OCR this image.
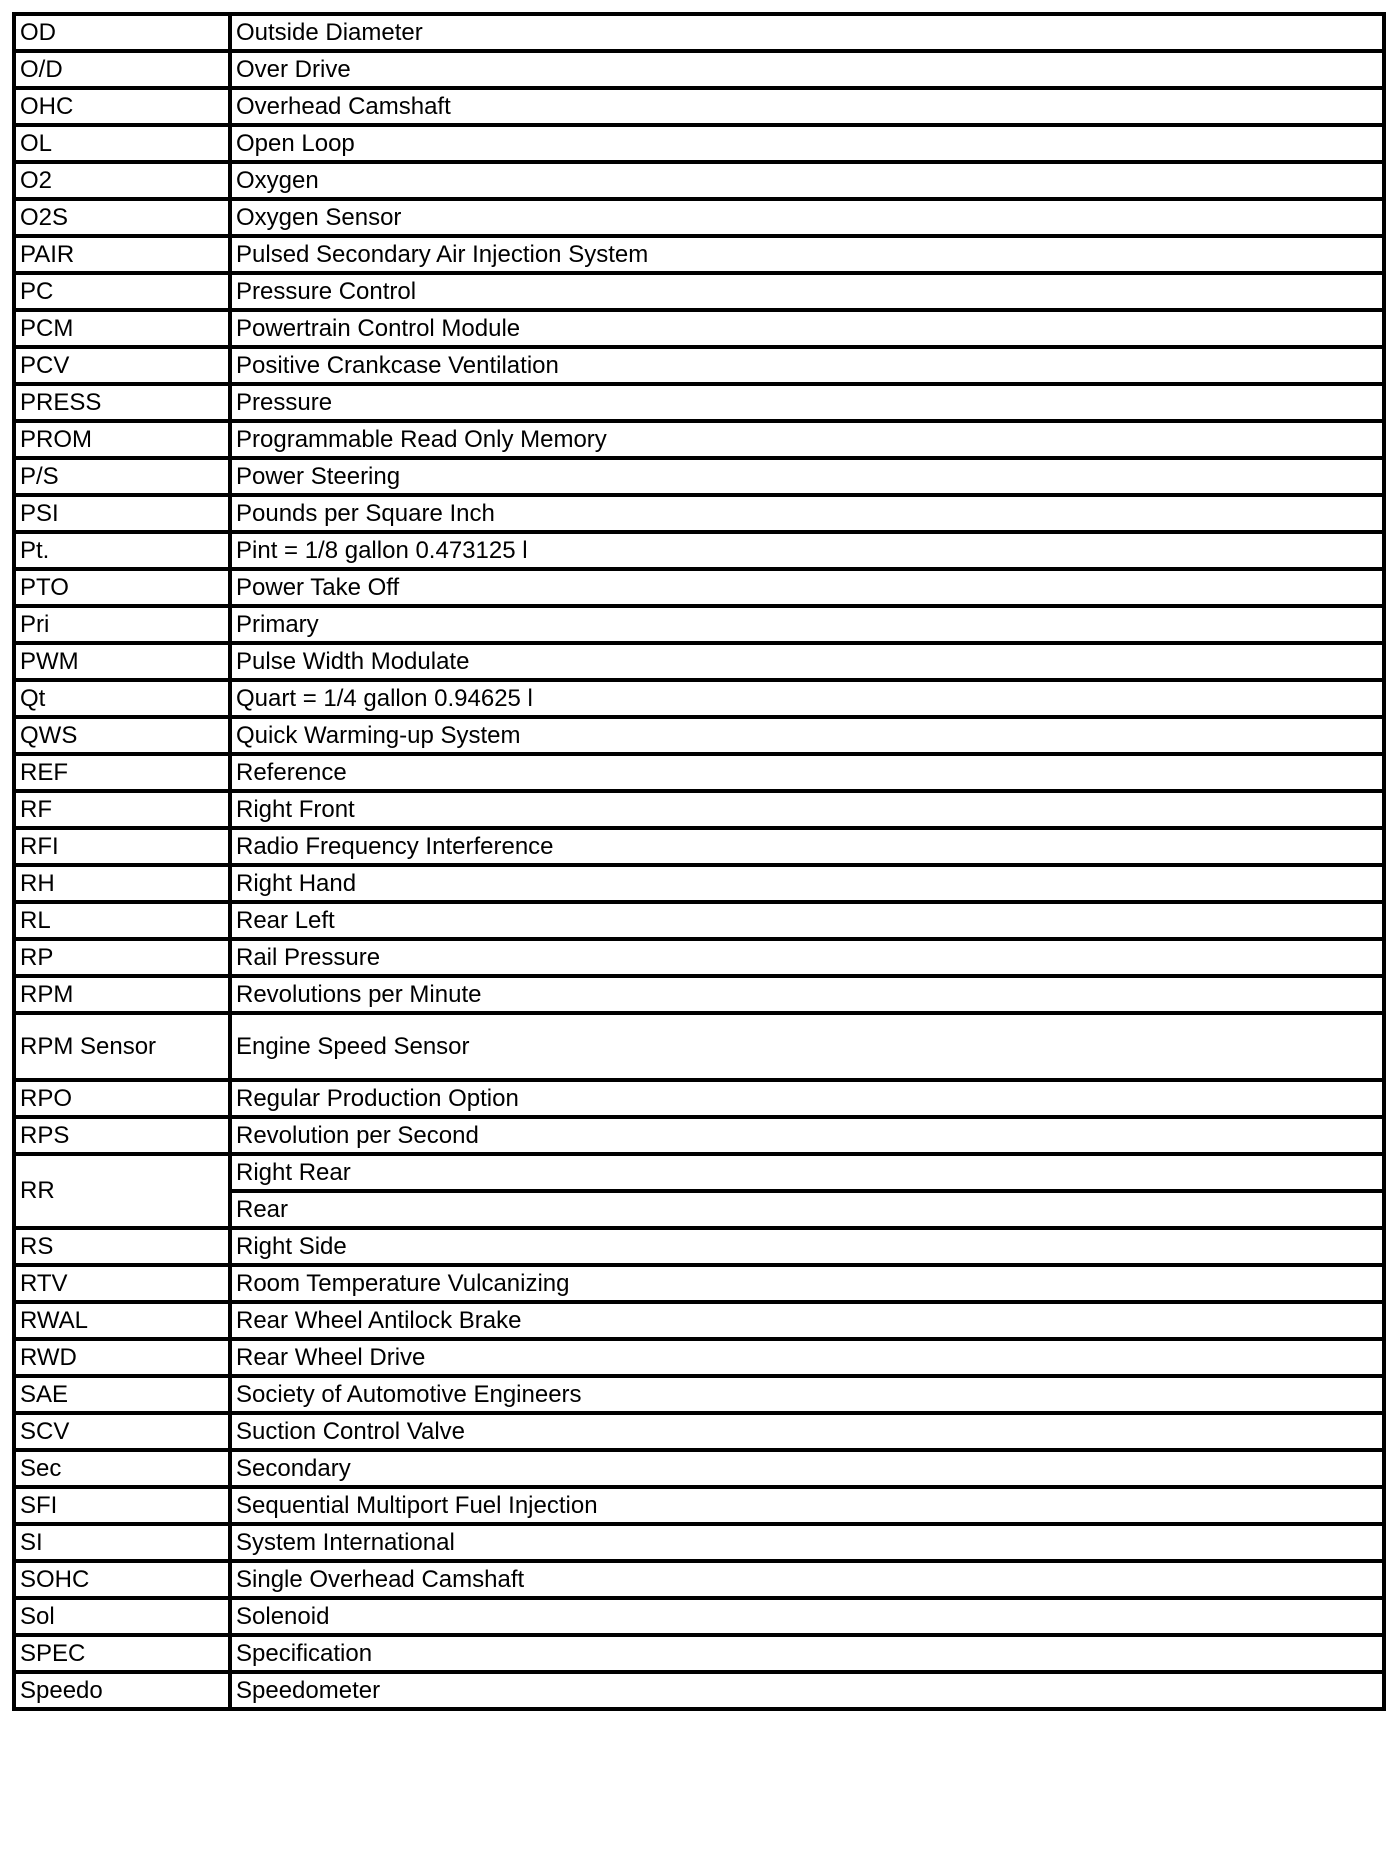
OD	Outside Diameter
O/D	Over Drive
OHC	Overhead Camshaft
OL	Open Loop
O2	Oxygen
O2S	Oxygen Sensor
PAIR	Pulsed Secondary Air Injection System
PC	Pressure Control
PCM	Powertrain Control Module
PCV	Positive Crankcase Ventilation
PRESS	Pressure
PROM	Programmable Read Only Memory
P/S	Power Steering
PSI	Pounds per Square Inch
Pt.	Pint = 1/8 gallon 0.473125 l
PTO	Power Take Off
Pri	Primary
PWM	Pulse Width Modulate
Qt	Quart = 1/4 gallon 0.94625 l
QWS	Quick Warming-up System
REF	Reference
RF	Right Front
RFI	Radio Frequency Interference
RH	Right Hand
RL	Rear Left
RP	Rail Pressure
RPM	Revolutions per Minute
RPM Sensor	Engine Speed Sensor
RPO	Regular Production Option
RPS	Revolution per Second
RR	Right Rear
	Rear
RS	Right Side
RTV	Room Temperature Vulcanizing
RWAL	Rear Wheel Antilock Brake
RWD	Rear Wheel Drive
SAE	Society of Automotive Engineers
SCV	Suction Control Valve
Sec	Secondary
SFI	Sequential Multiport Fuel Injection
SI	System International
SOHC	Single Overhead Camshaft
Sol	Solenoid
SPEC	Specification
Speedo	Speedometer
